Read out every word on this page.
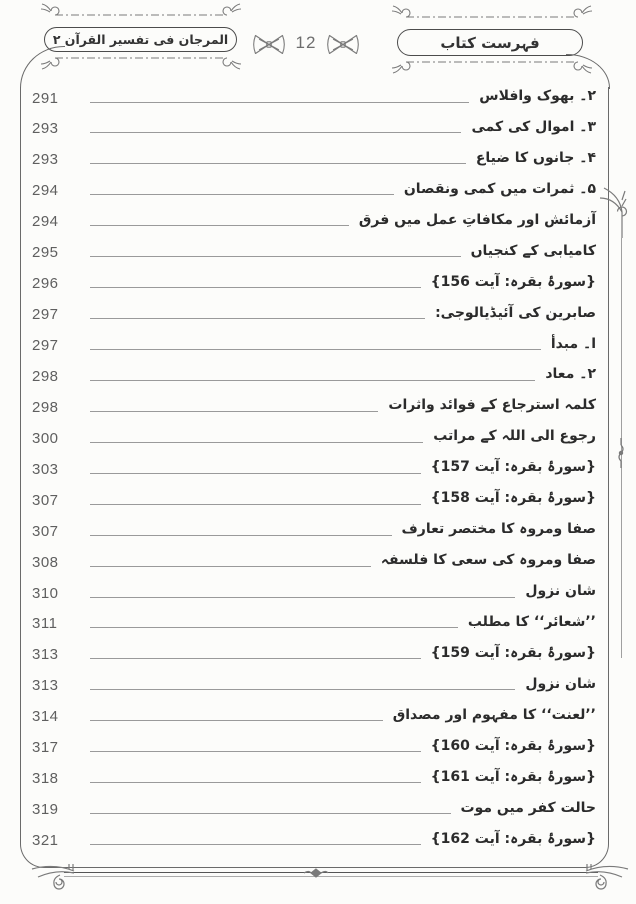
المرجان فی تفسیر القرآن ۲	12	فہرست کتاب
291	۲۔ بھوک وافلاس
293	۳۔ اموال کی کمی
293	۴۔ جانوں کا ضیاع
294	۵۔ ثمرات میں کمی ونقصان
294	آزمائش اور مکافاتِ عمل میں فرق
295	کامیابی کے کنجیاں
296	{سورۂ بقرہ: آیت 156}
297	صابرین کی آئیڈیالوجی:
297	ا۔ مبدأ
298	۲۔ معاد
298	کلمہ استرجاع کے فوائد واثرات
300	رجوع الی اللہ کے مراتب
303	{سورۂ بقرہ: آیت 157}
307	{سورۂ بقرہ: آیت 158}
307	صفا ومروہ کا مختصر تعارف
308	صفا ومروہ کی سعی کا فلسفہ
310	شان نزول
311	’’شعائر‘‘ کا مطلب
313	{سورۂ بقرہ: آیت 159}
313	شان نزول
314	’’لعنت‘‘ کا مفہوم اور مصداق
317	{سورۂ بقرہ: آیت 160}
318	{سورۂ بقرہ: آیت 161}
319	حالت کفر میں موت
321	{سورۂ بقرہ: آیت 162}
